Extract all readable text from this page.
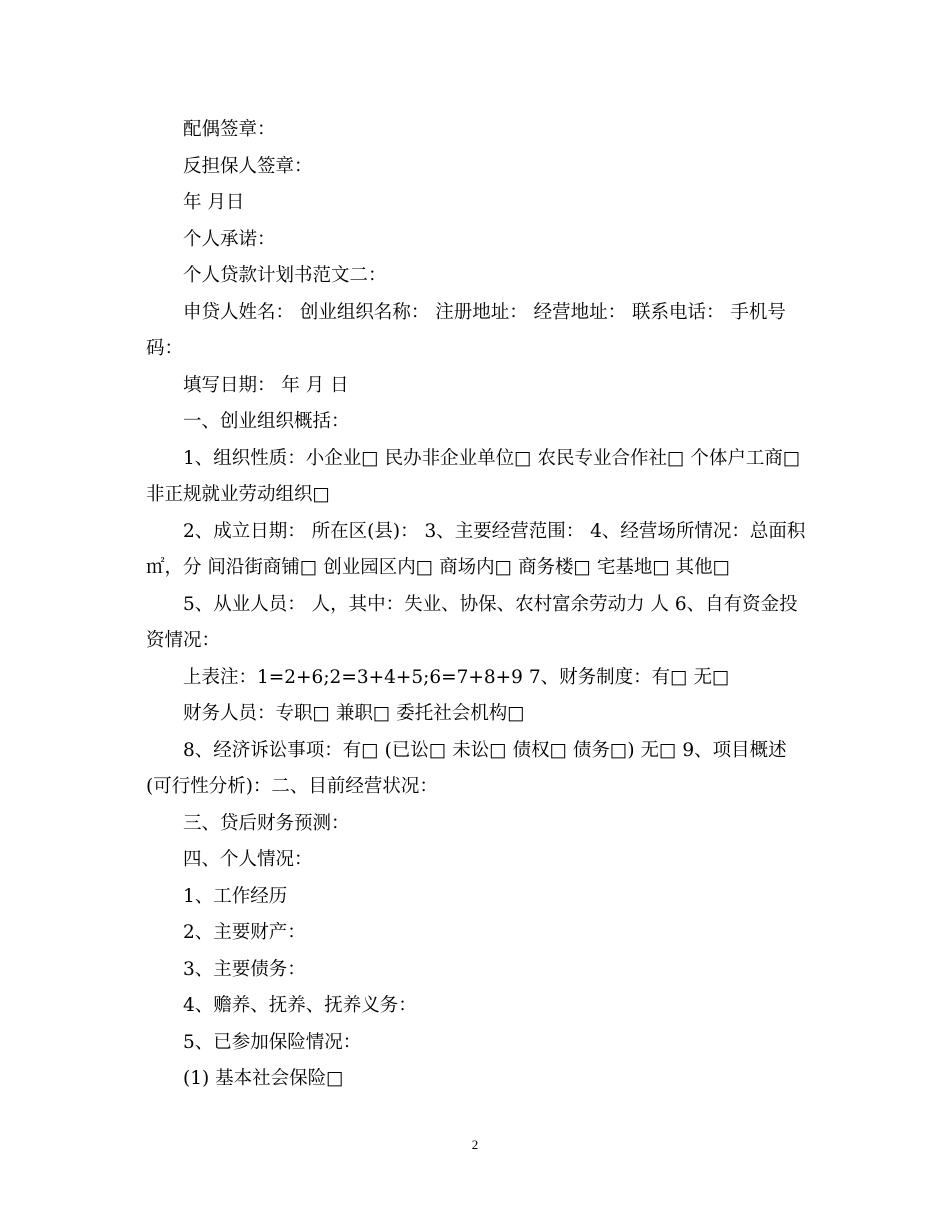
配偶签章：

反担保人签章：

年 月日

个人承诺：

个人贷款计划书范文二：

申贷人姓名： 创业组织名称： 注册地址： 经营地址： 联系电话： 手机号码：

填写日期： 年 月 日

一、创业组织概括：

1、组织性质：小企业□ 民办非企业单位□ 农民专业合作社□ 个体户工商□ 非正规就业劳动组织□

2、成立日期： 所在区(县)： 3、主要经营范围： 4、经营场所情况：总面积 ㎡，分 间沿街商铺□ 创业园区内□ 商场内□ 商务楼□ 宅基地□ 其他□

5、从业人员： 人，其中：失业、协保、农村富余劳动力 人 6、自有资金投资情况：

上表注：1=2+6;2=3+4+5;6=7+8+9 7、财务制度：有□ 无□

财务人员：专职□ 兼职□ 委托社会机构□

8、经济诉讼事项：有□ (已讼□ 未讼□ 债权□ 债务□) 无□ 9、项目概述(可行性分析)：二、目前经营状况：

三、贷后财务预测：

四、个人情况：

1、工作经历

2、主要财产：

3、主要债务：

4、赡养、抚养、抚养义务：

5、已参加保险情况：

(1) 基本社会保险□

2
